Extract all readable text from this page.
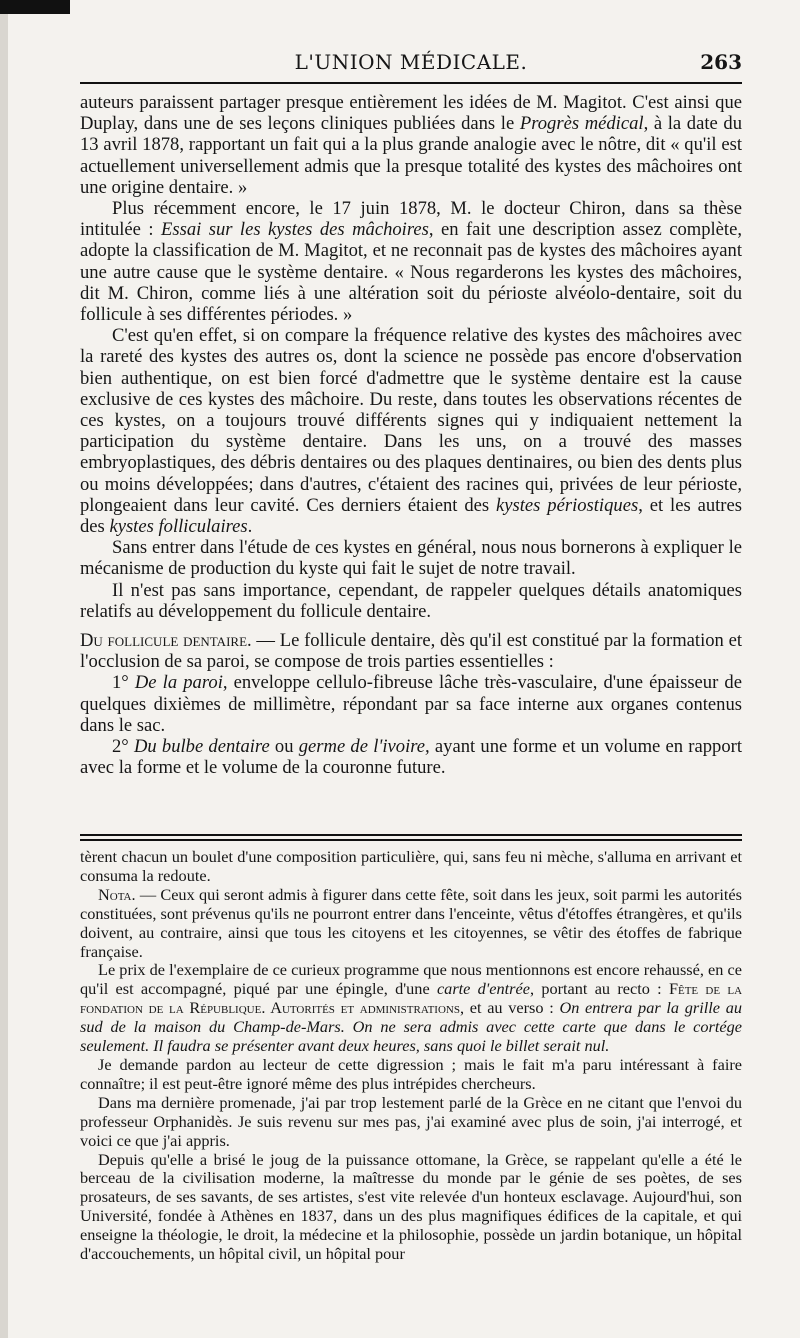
L'UNION MÉDICALE.	263

auteurs paraissent partager presque entièrement les idées de M. Magitot. C'est ainsi que Duplay, dans une de ses leçons cliniques publiées dans le Progrès médical, à la date du 13 avril 1878, rapportant un fait qui a la plus grande analogie avec le nôtre, dit « qu'il est actuellement universellement admis que la presque totalité des kystes des mâchoires ont une origine dentaire. »

Plus récemment encore, le 17 juin 1878, M. le docteur Chiron, dans sa thèse intitulée : Essai sur les kystes des mâchoires, en fait une description assez complète, adopte la classification de M. Magitot, et ne reconnait pas de kystes des mâchoires ayant une autre cause que le système dentaire. « Nous regarderons les kystes des mâchoires, dit M. Chiron, comme liés à une altération soit du périoste alvéolo-dentaire, soit du follicule à ses différentes périodes. »

C'est qu'en effet, si on compare la fréquence relative des kystes des mâchoires avec la rareté des kystes des autres os, dont la science ne possède pas encore d'observation bien authentique, on est bien forcé d'admettre que le système dentaire est la cause exclusive de ces kystes des mâchoire. Du reste, dans toutes les observations récentes de ces kystes, on a toujours trouvé différents signes qui y indiquaient nettement la participation du système dentaire. Dans les uns, on a trouvé des masses embryoplastiques, des débris dentaires ou des plaques dentinaires, ou bien des dents plus ou moins développées; dans d'autres, c'étaient des racines qui, privées de leur périoste, plongeaient dans leur cavité. Ces derniers étaient des kystes périostiques, et les autres des kystes folliculaires.

Sans entrer dans l'étude de ces kystes en général, nous nous bornerons à expliquer le mécanisme de production du kyste qui fait le sujet de notre travail.

Il n'est pas sans importance, cependant, de rappeler quelques détails anatomiques relatifs au développement du follicule dentaire.

Du follicule dentaire. — Le follicule dentaire, dès qu'il est constitué par la formation et l'occlusion de sa paroi, se compose de trois parties essentielles :

1° De la paroi, enveloppe cellulo-fibreuse lâche très-vasculaire, d'une épaisseur de quelques dixièmes de millimètre, répondant par sa face interne aux organes contenus dans le sac.

2° Du bulbe dentaire ou germe de l'ivoire, ayant une forme et un volume en rapport avec la forme et le volume de la couronne future.

tèrent chacun un boulet d'une composition particulière, qui, sans feu ni mèche, s'alluma en arrivant et consuma la redoute.

Nota. — Ceux qui seront admis à figurer dans cette fête, soit dans les jeux, soit parmi les autorités constituées, sont prévenus qu'ils ne pourront entrer dans l'enceinte, vêtus d'étoffes étrangères, et qu'ils doivent, au contraire, ainsi que tous les citoyens et les citoyennes, se vêtir des étoffes de fabrique française.

Le prix de l'exemplaire de ce curieux programme que nous mentionnons est encore rehaussé, en ce qu'il est accompagné, piqué par une épingle, d'une carte d'entrée, portant au recto : Fête de la fondation de la République. Autorités et administrations, et au verso : On entrera par la grille au sud de la maison du Champ-de-Mars. On ne sera admis avec cette carte que dans le cortége seulement. Il faudra se présenter avant deux heures, sans quoi le billet serait nul.

Je demande pardon au lecteur de cette digression ; mais le fait m'a paru intéressant à faire connaître; il est peut-être ignoré même des plus intrépides chercheurs.

Dans ma dernière promenade, j'ai par trop lestement parlé de la Grèce en ne citant que l'envoi du professeur Orphanidès. Je suis revenu sur mes pas, j'ai examiné avec plus de soin, j'ai interrogé, et voici ce que j'ai appris.

Depuis qu'elle a brisé le joug de la puissance ottomane, la Grèce, se rappelant qu'elle a été le berceau de la civilisation moderne, la maîtresse du monde par le génie de ses poètes, de ses prosateurs, de ses savants, de ses artistes, s'est vite relevée d'un honteux esclavage. Aujourd'hui, son Université, fondée à Athènes en 1837, dans un des plus magnifiques édifices de la capitale, et qui enseigne la théologie, le droit, la médecine et la philosophie, possède un jardin botanique, un hôpital d'accouchements, un hôpital civil, un hôpital pour
